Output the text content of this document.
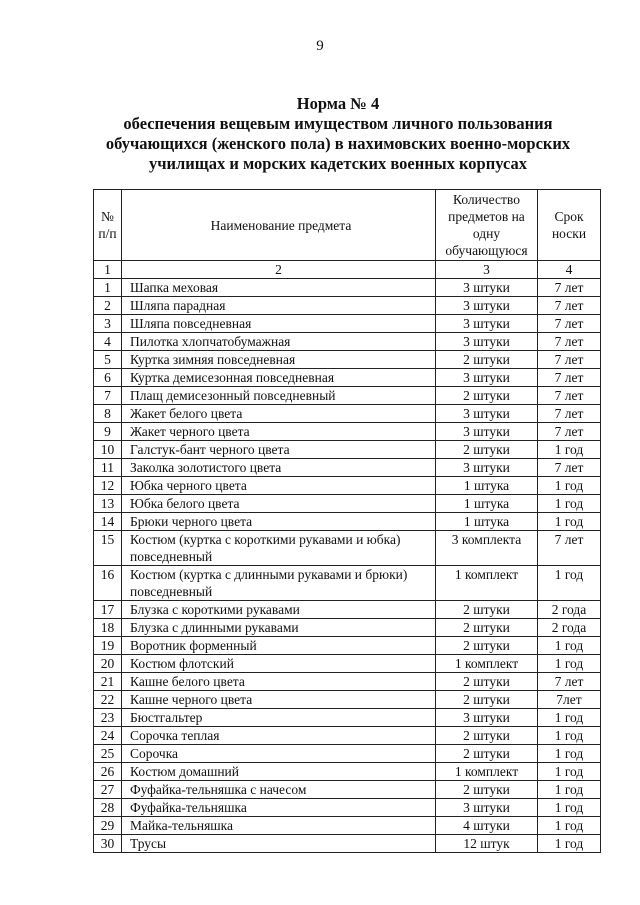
9
Норма № 4
обеспечения вещевым имуществом личного пользования
обучающихся (женского пола) в нахимовских военно-морских
училищах и морских кадетских военных корпусах
№ п/п	Наименование предмета	Количество предметов на одну обучающуюся	Срок носки
1	2	3	4
1	Шапка меховая	3 штуки	7 лет
2	Шляпа парадная	3 штуки	7 лет
3	Шляпа повседневная	3 штуки	7 лет
4	Пилотка хлопчатобумажная	3 штуки	7 лет
5	Куртка зимняя повседневная	2 штуки	7 лет
6	Куртка демисезонная повседневная	3 штуки	7 лет
7	Плащ демисезонный повседневный	2 штуки	7 лет
8	Жакет белого цвета	3 штуки	7 лет
9	Жакет черного цвета	3 штуки	7 лет
10	Галстук-бант черного цвета	2 штуки	1 год
11	Заколка золотистого цвета	3 штуки	7 лет
12	Юбка черного цвета	1 штука	1 год
13	Юбка белого цвета	1 штука	1 год
14	Брюки черного цвета	1 штука	1 год
15	Костюм (куртка с короткими рукавами и юбка) повседневный	3 комплекта	7 лет
16	Костюм (куртка с длинными рукавами и брюки) повседневный	1 комплект	1 год
17	Блузка с короткими рукавами	2 штуки	2 года
18	Блузка с длинными рукавами	2 штуки	2 года
19	Воротник форменный	2 штуки	1 год
20	Костюм флотский	1 комплект	1 год
21	Кашне белого цвета	2 штуки	7 лет
22	Кашне черного цвета	2 штуки	7лет
23	Бюстгальтер	3 штуки	1 год
24	Сорочка теплая	2 штуки	1 год
25	Сорочка	2 штуки	1 год
26	Костюм домашний	1 комплект	1 год
27	Фуфайка-тельняшка с начесом	2 штуки	1 год
28	Фуфайка-тельняшка	3 штуки	1 год
29	Майка-тельняшка	4 штуки	1 год
30	Трусы	12 штук	1 год
